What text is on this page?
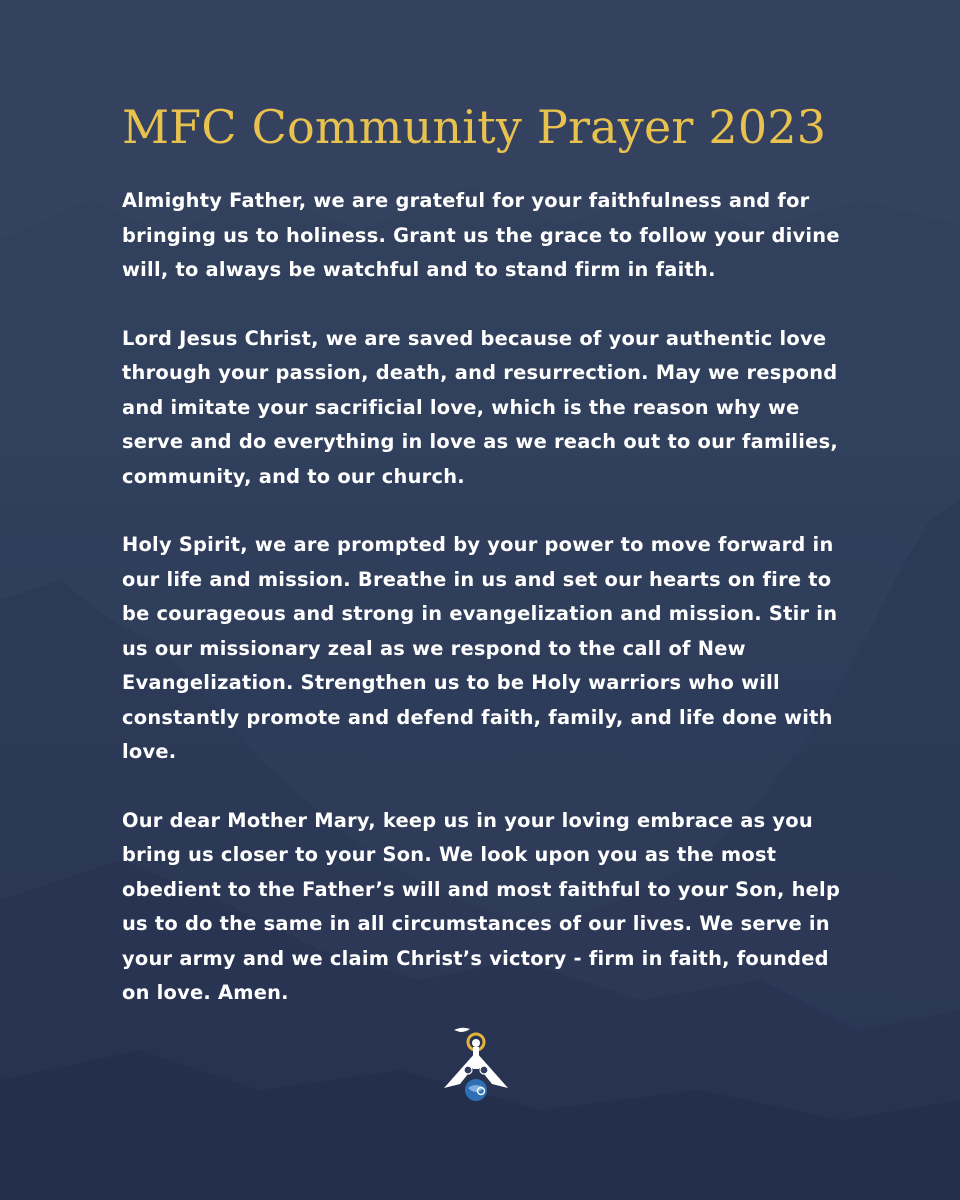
MFC Community Prayer 2023

Almighty Father, we are grateful for your faithfulness and for bringing us to holiness. Grant us the grace to follow your divine will, to always be watchful and to stand firm in faith.

Lord Jesus Christ, we are saved because of your authentic love through your passion, death, and resurrection. May we respond and imitate your sacrificial love, which is the reason why we serve and do everything in love as we reach out to our families, community, and to our church.

Holy Spirit, we are prompted by your power to move forward in our life and mission. Breathe in us and set our hearts on fire to be courageous and strong in evangelization and mission. Stir in us our missionary zeal as we respond to the call of New Evangelization. Strengthen us to be Holy warriors who will constantly promote and defend faith, family, and life done with love.

Our dear Mother Mary, keep us in your loving embrace as you bring us closer to your Son. We look upon you as the most obedient to the Father’s will and most faithful to your Son, help us to do the same in all circumstances of our lives. We serve in your army and we claim Christ’s victory - firm in faith, founded on love. Amen.
